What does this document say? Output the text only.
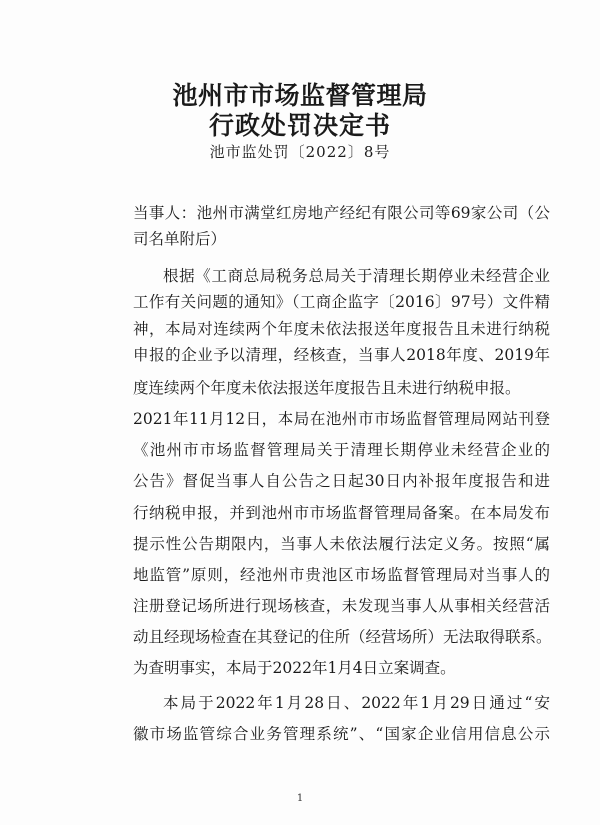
池州市市场监督管理局
行政处罚决定书
池市监处罚〔2022〕8号
当事人：池州市满堂红房地产经纪有限公司等69家公司（公
司名单附后）
根据《工商总局税务总局关于清理长期停业未经营企业
工作有关问题的通知》（工商企监字〔2016〕97号）文件精
神，本局对连续两个年度未依法报送年度报告且未进行纳税
申报的企业予以清理，经核查，当事人2018年度、2019年
度连续两个年度未依法报送年度报告且未进行纳税申报。
2021年11月12日，本局在池州市市场监督管理局网站刊登
《池州市市场监督管理局关于清理长期停业未经营企业的
公告》督促当事人自公告之日起30日内补报年度报告和进
行纳税申报，并到池州市市场监督管理局备案。在本局发布
提示性公告期限内，当事人未依法履行法定义务。按照“属
地监管”原则，经池州市贵池区市场监督管理局对当事人的
注册登记场所进行现场核查，未发现当事人从事相关经营活
动且经现场检查在其登记的住所（经营场所）无法取得联系。
为查明事实，本局于2022年1月4日立案调查。
本局于2022年1月28日、2022年1月29日通过“安
徽市场监管综合业务管理系统”、“国家企业信用信息公示
1
